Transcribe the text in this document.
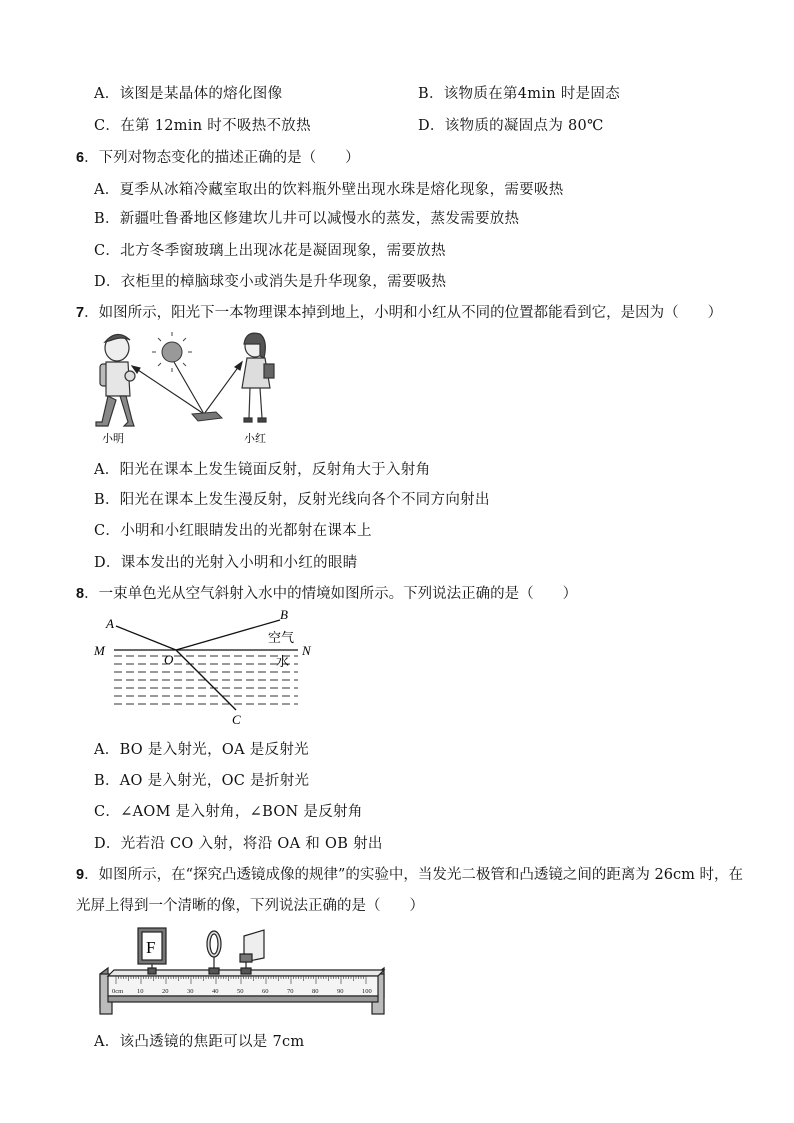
A．该图是某晶体的熔化图像	B．该物质在第4min 时是固态
C．在第 12min 时不吸热不放热	D．该物质的凝固点为 80℃
6．下列对物态变化的描述正确的是（　　）
A．夏季从冰箱冷藏室取出的饮料瓶外壁出现水珠是熔化现象，需要吸热
B．新疆吐鲁番地区修建坎儿井可以减慢水的蒸发，蒸发需要放热
C．北方冬季窗玻璃上出现冰花是凝固现象，需要放热
D．衣柜里的樟脑球变小或消失是升华现象，需要吸热
7．如图所示，阳光下一本物理课本掉到地上，小明和小红从不同的位置都能看到它，是因为（　　）
小明	小红
A．阳光在课本上发生镜面反射，反射角大于入射角
B．阳光在课本上发生漫反射，反射光线向各个不同方向射出
C．小明和小红眼睛发出的光都射在课本上
D．课本发出的光射入小明和小红的眼睛
8．一束单色光从空气斜射入水中的情境如图所示。下列说法正确的是（　　）
A
B
C
M	N
O
空气
水
A．BO 是入射光，OA 是反射光
B．AO 是入射光，OC 是折射光
C．∠AOM 是入射角，∠BON 是反射角
D．光若沿 CO 入射，将沿 OA 和 OB 射出
9．如图所示，在“探究凸透镜成像的规律”的实验中，当发光二极管和凸透镜之间的距离为 26cm 时，在
光屏上得到一个清晰的像，下列说法正确的是（　　）
0cm 10	20	30	40	50	60	70	80	90	100
F
A．该凸透镜的焦距可以是 7cm
